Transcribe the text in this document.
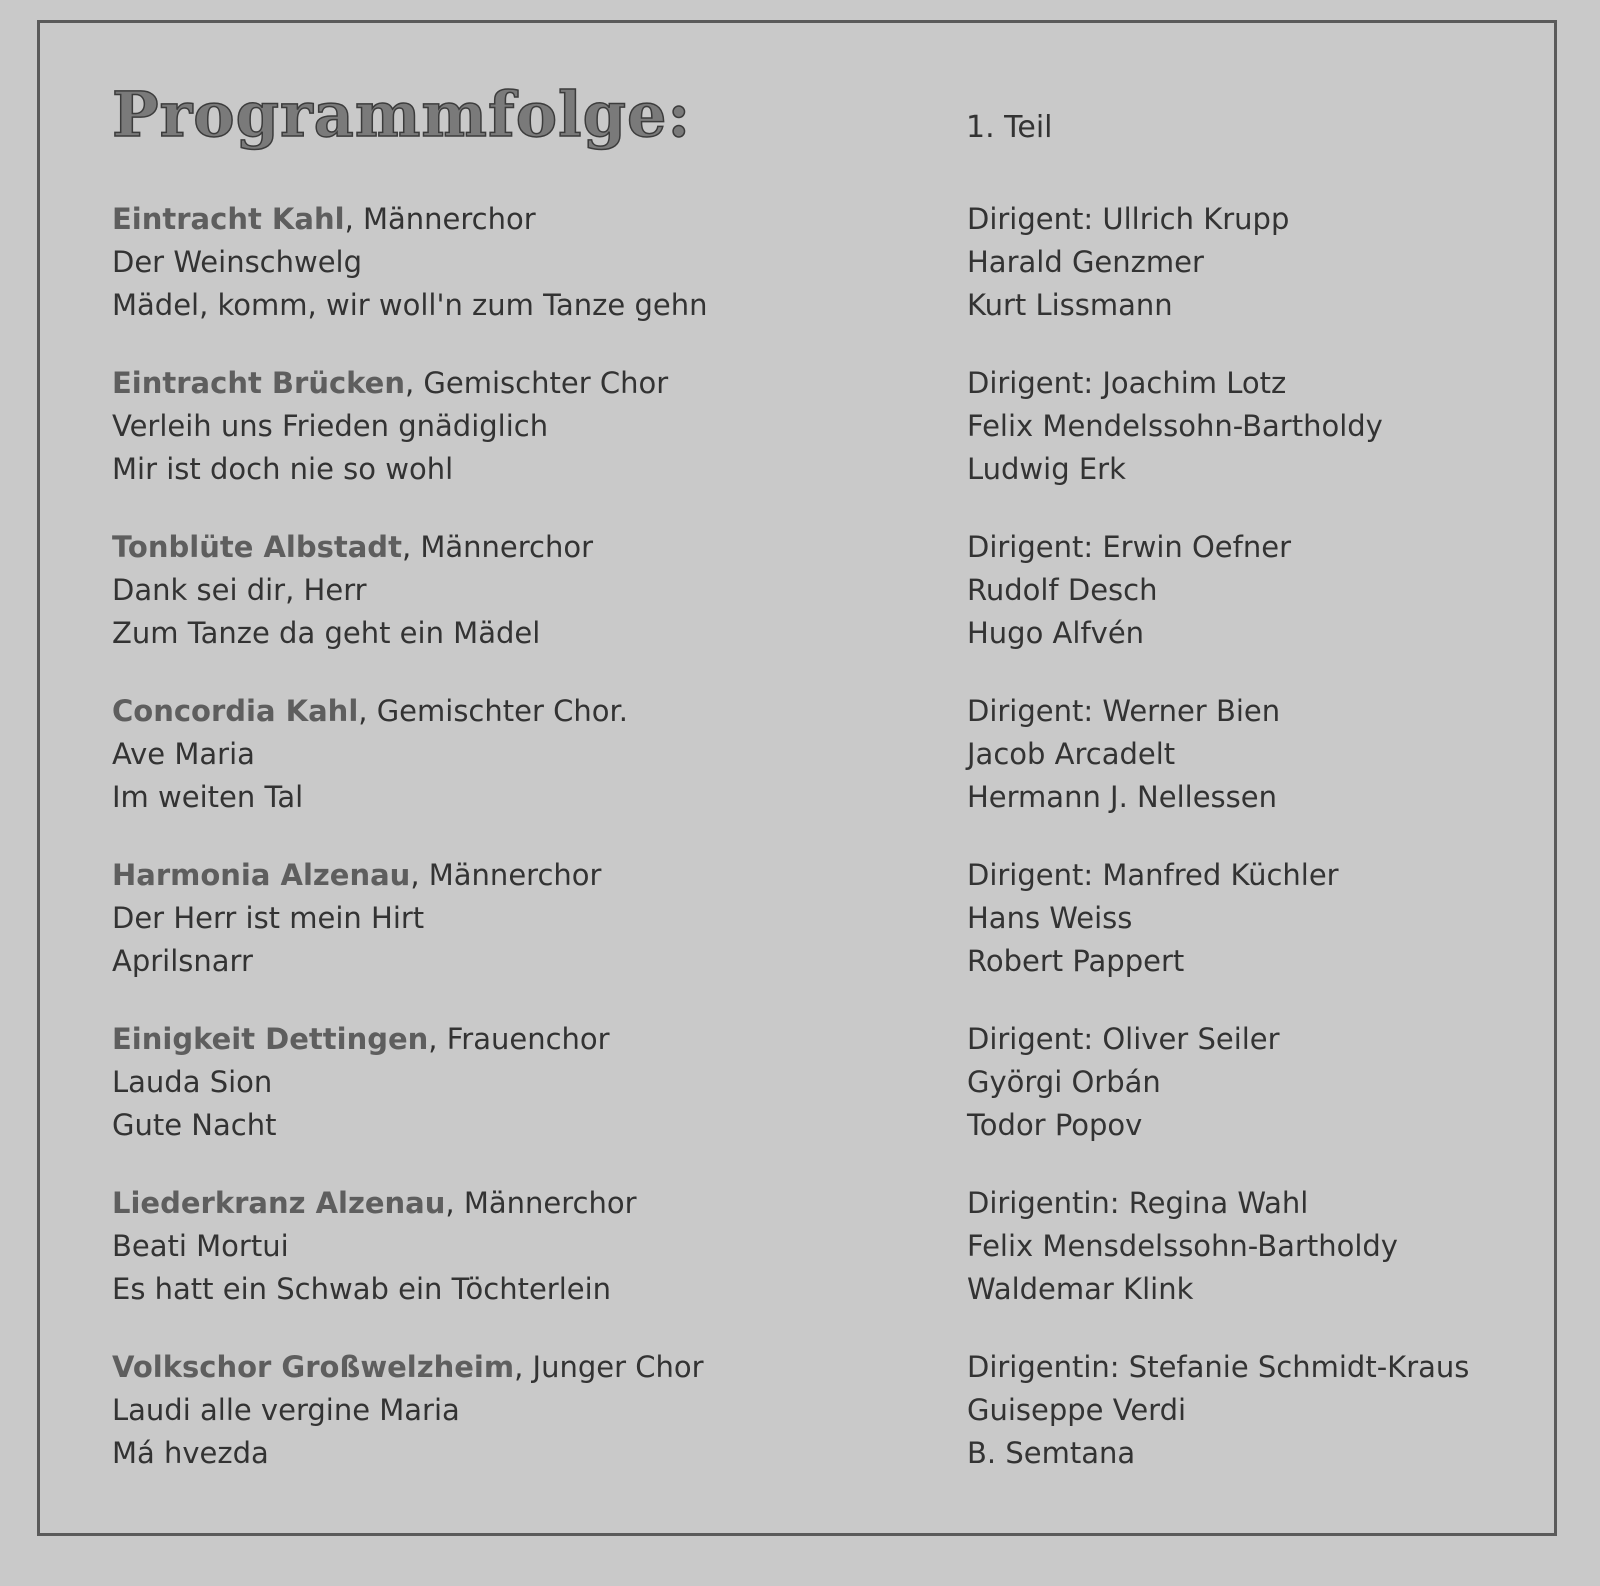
Programmfolge:	1. Teil
Eintracht Kahl, Männerchor
Der Weinschwelg
Mädel, komm, wir woll'n zum Tanze gehn
Dirigent: Ullrich Krupp
Harald Genzmer
Kurt Lissmann
Eintracht Brücken, Gemischter Chor
Verleih uns Frieden gnädiglich
Mir ist doch nie so wohl
Dirigent: Joachim Lotz
Felix Mendelssohn-Bartholdy
Ludwig Erk
Tonblüte Albstadt, Männerchor
Dank sei dir, Herr
Zum Tanze da geht ein Mädel
Dirigent: Erwin Oefner
Rudolf Desch
Hugo Alfvén
Concordia Kahl, Gemischter Chor.
Ave Maria
Im weiten Tal
Dirigent: Werner Bien
Jacob Arcadelt
Hermann J. Nellessen
Harmonia Alzenau, Männerchor
Der Herr ist mein Hirt
Aprilsnarr
Dirigent: Manfred Küchler
Hans Weiss
Robert Pappert
Einigkeit Dettingen, Frauenchor
Lauda Sion
Gute Nacht
Dirigent: Oliver Seiler
Györgi Orbán
Todor Popov
Liederkranz Alzenau, Männerchor
Beati Mortui
Es hatt ein Schwab ein Töchterlein
Dirigentin: Regina Wahl
Felix Mensdelssohn-Bartholdy
Waldemar Klink
Volkschor Großwelzheim, Junger Chor
Laudi alle vergine Maria
Má hvezda
Dirigentin: Stefanie Schmidt-Kraus
Guiseppe Verdi
B. Semtana
